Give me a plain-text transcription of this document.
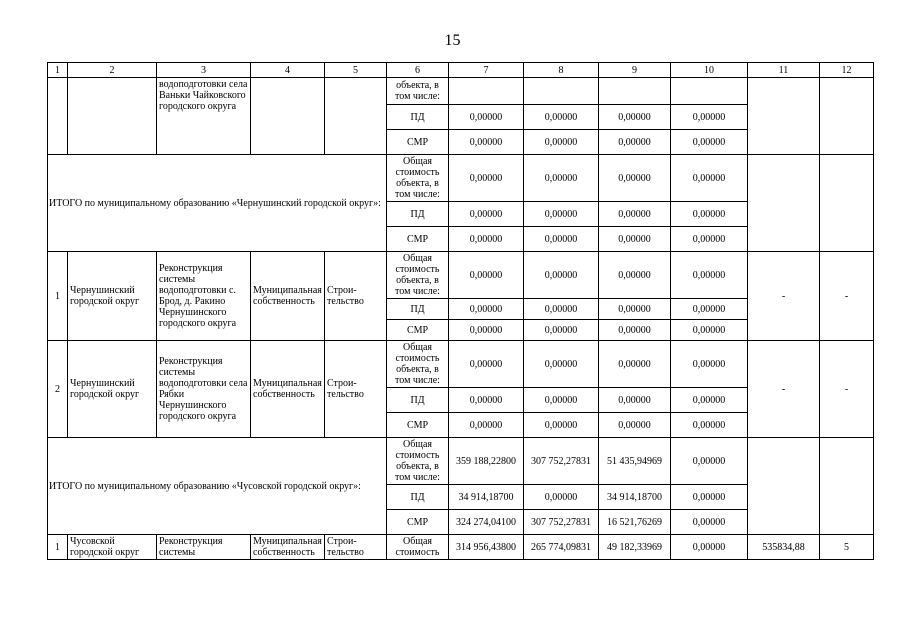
15
1	2	3	4	5	6	7	8	9	10	11	12
		водоподготовки села Ваньки Чайковского городского округа			объекта, в том числе:						
					ПД	0,00000	0,00000	0,00000	0,00000		
					СМР	0,00000	0,00000	0,00000	0,00000		
ИТОГО по муниципальному образованию «Чернушинский городской округ»:					Общая стоимость объекта, в том числе:	0,00000	0,00000	0,00000	0,00000		
					ПД	0,00000	0,00000	0,00000	0,00000		
					СМР	0,00000	0,00000	0,00000	0,00000		
1	Чернушинский городской округ	Реконструкция системы водоподготовки с. Брод, д. Ракино Чернушинского городского округа	Муниципальная собственность	Строи- тельство	Общая стоимость объекта, в том числе:	0,00000	0,00000	0,00000	0,00000	-	-
					ПД	0,00000	0,00000	0,00000	0,00000		
					СМР	0,00000	0,00000	0,00000	0,00000		
2	Чернушинский городской округ	Реконструкция системы водоподготовки села Рябки Чернушинского городского округа	Муниципальная собственность	Строи- тельство	Общая стоимость объекта, в том числе:	0,00000	0,00000	0,00000	0,00000	-	-
					ПД	0,00000	0,00000	0,00000	0,00000		
					СМР	0,00000	0,00000	0,00000	0,00000		
ИТОГО по муниципальному образованию «Чусовской городской округ»:					Общая стоимость объекта, в том числе:	359 188,22800	307 752,27831	51 435,94969	0,00000		
					ПД	34 914,18700	0,00000	34 914,18700	0,00000		
					СМР	324 274,04100	307 752,27831	16 521,76269	0,00000		
1	Чусовской городской округ	Реконструкция системы	Муниципальная собственность	Строи- тельство	Общая стоимость	314 956,43800	265 774,09831	49 182,33969	0,00000	535834,88	5
